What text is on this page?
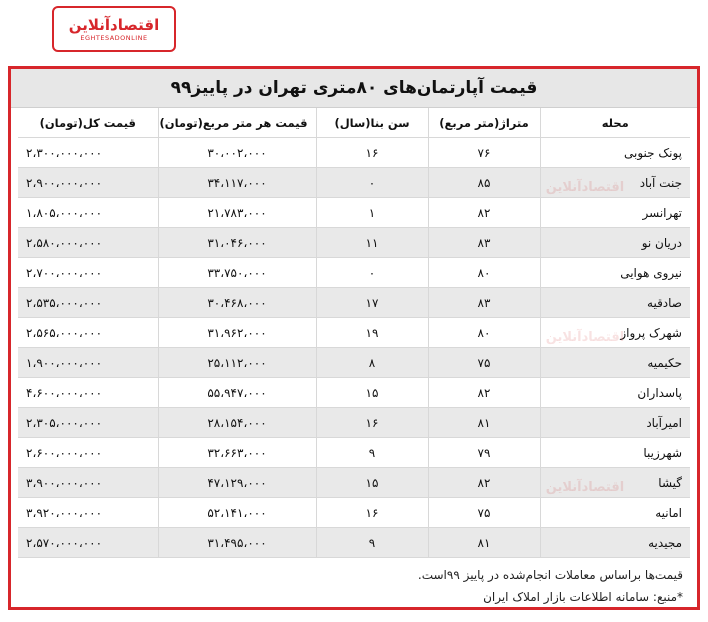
اقتصادآنلاین
EGHTESADONLINE
قیمت آپارتمان‌های ۸۰متری تهران در پاییز۹۹
محله	متراژ(متر مربع)	سن بنا(سال)	قیمت هر متر مربع(تومان)	قیمت کل(تومان)
پونک جنوبی	۷۶	۱۶	۳۰،۰۰۲،۰۰۰	۲،۳۰۰،۰۰۰،۰۰۰
جنت آباد	۸۵	۰	۳۴،۱۱۷،۰۰۰	۲،۹۰۰،۰۰۰،۰۰۰
تهرانسر	۸۲	۱	۲۱،۷۸۳،۰۰۰	۱،۸۰۵،۰۰۰،۰۰۰
دریان نو	۸۳	۱۱	۳۱،۰۴۶،۰۰۰	۲،۵۸۰،۰۰۰،۰۰۰
نیروی هوایی	۸۰	۰	۳۳،۷۵۰،۰۰۰	۲،۷۰۰،۰۰۰،۰۰۰
صادقیه	۸۳	۱۷	۳۰،۴۶۸،۰۰۰	۲،۵۳۵،۰۰۰،۰۰۰
شهرک پرواز	۸۰	۱۹	۳۱،۹۶۲،۰۰۰	۲،۵۶۵،۰۰۰،۰۰۰
حکیمیه	۷۵	۸	۲۵،۱۱۲،۰۰۰	۱،۹۰۰،۰۰۰،۰۰۰
پاسداران	۸۲	۱۵	۵۵،۹۴۷،۰۰۰	۴،۶۰۰،۰۰۰،۰۰۰
امیرآباد	۸۱	۱۶	۲۸،۱۵۴،۰۰۰	۲،۳۰۵،۰۰۰،۰۰۰
شهرزیبا	۷۹	۹	۳۲،۶۶۳،۰۰۰	۲،۶۰۰،۰۰۰،۰۰۰
گیشا	۸۲	۱۵	۴۷،۱۲۹،۰۰۰	۳،۹۰۰،۰۰۰،۰۰۰
امانیه	۷۵	۱۶	۵۲،۱۴۱،۰۰۰	۳،۹۲۰،۰۰۰،۰۰۰
مجیدیه	۸۱	۹	۳۱،۴۹۵،۰۰۰	۲،۵۷۰،۰۰۰،۰۰۰
قیمت‌ها براساس معاملات انجام‌شده در پاییز ۹۹است.
*منبع: سامانه اطلاعات بازار املاک ایران
